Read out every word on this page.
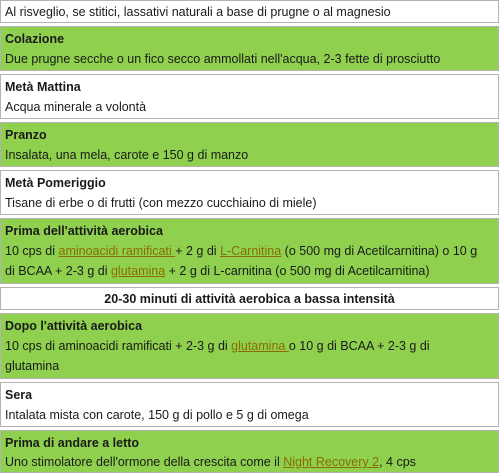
Al risveglio, se stitici, lassativi naturali a base di prugne o al magnesio
Colazione
Due prugne secche o un fico secco ammollati nell'acqua, 2-3 fette di prosciutto
Metà Mattina
Acqua minerale a volontà
Pranzo
Insalata, una mela, carote e 150 g di manzo
Metà Pomeriggio
Tisane di erbe o di frutti (con mezzo cucchiaino di miele)
Prima dell'attività aerobica
10 cps di aminoacidi ramificati + 2 g di L-Carnitina (o 500 mg di Acetilcarnitina) o 10 g
di BCAA + 2-3 g di glutamina + 2 g di L-carnitina (o 500 mg di Acetilcarnitina)
20-30 minuti di attività aerobica a bassa intensità
Dopo l'attività aerobica
10 cps di aminoacidi ramificati + 2-3 g di glutamina o 10 g di BCAA + 2-3 g di
glutamina
Sera
Intalata mista con carote, 150 g di pollo e 5 g di omega
Prima di andare a letto
Uno stimolatore dell'ormone della crescita come il Night Recovery 2, 4 cps
